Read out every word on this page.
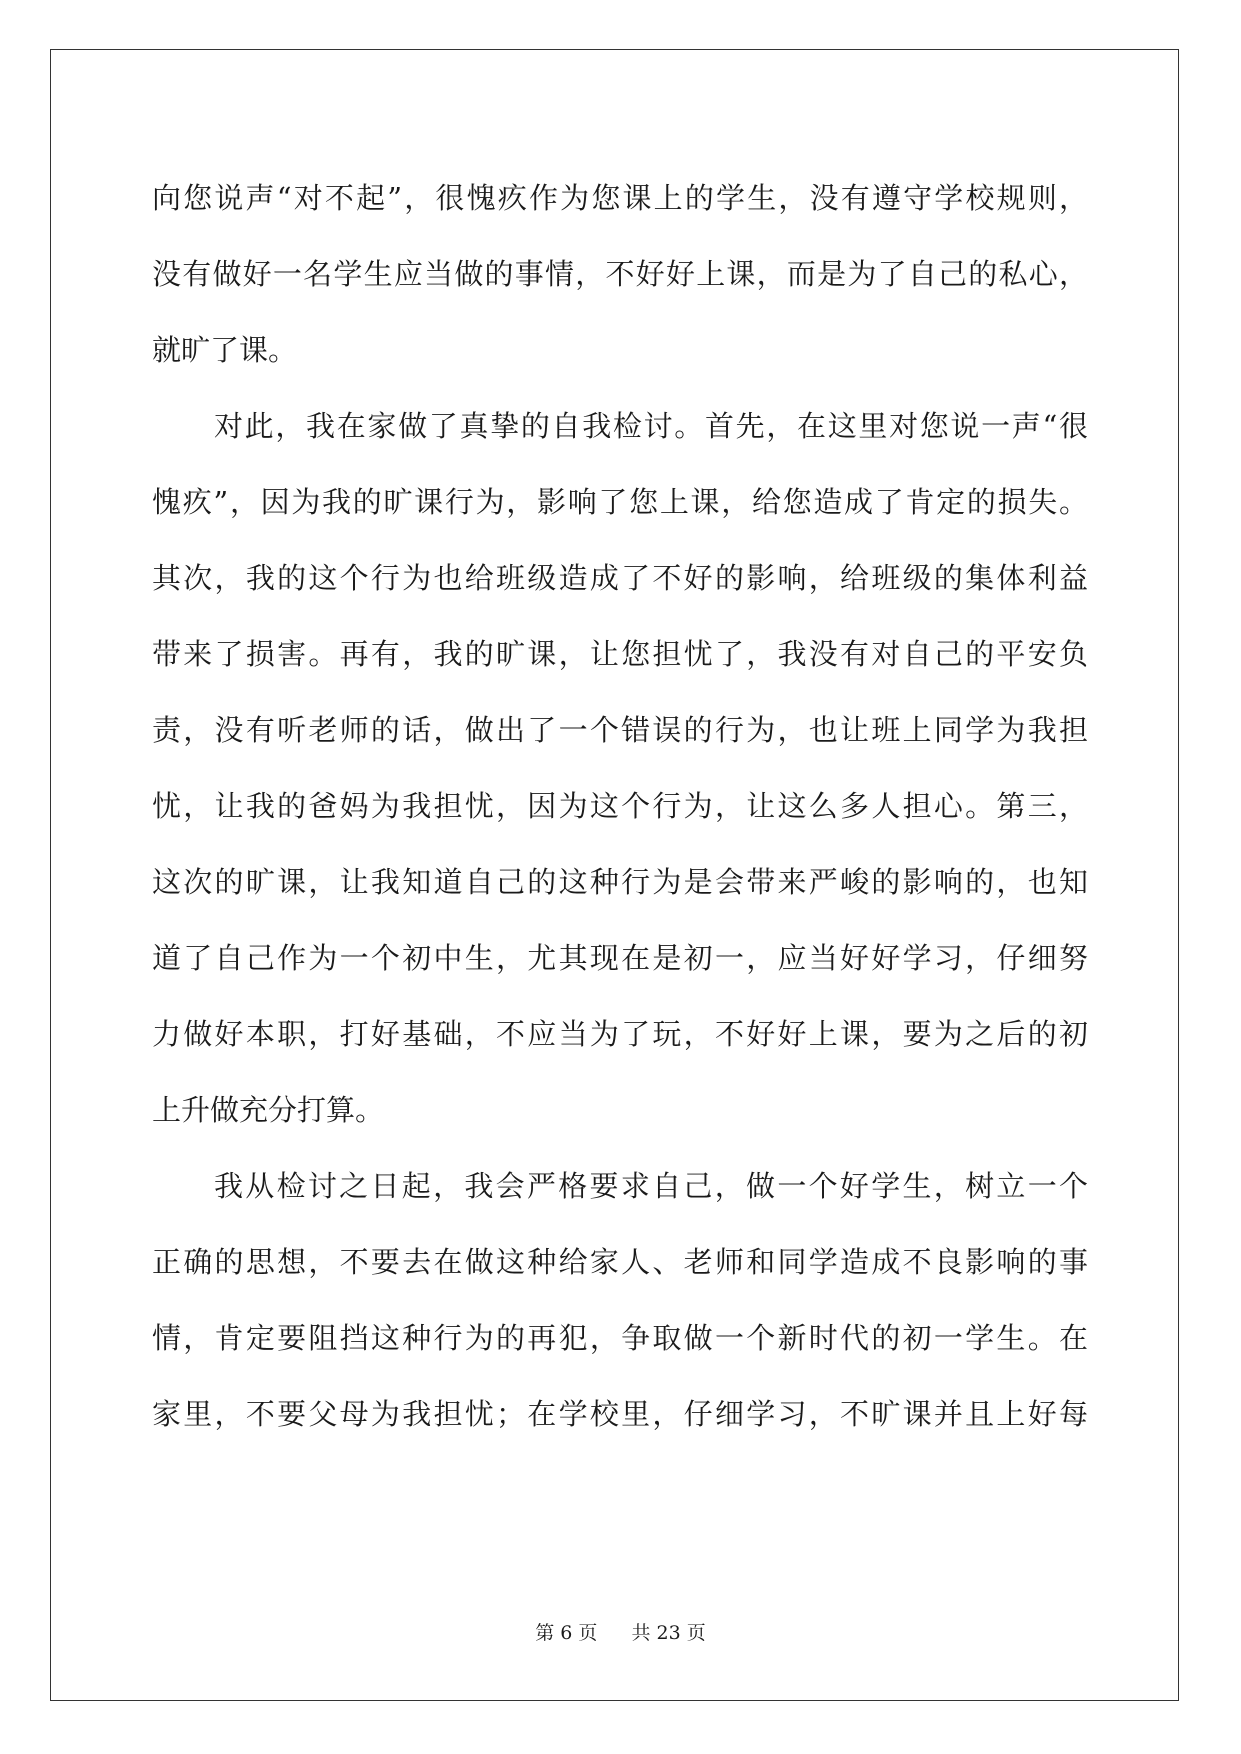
向您说声“对不起”，很愧疚作为您课上的学生，没有遵守学校规则，
没有做好一名学生应当做的事情，不好好上课，而是为了自己的私心，
就旷了课。
对此，我在家做了真挚的自我检讨。首先，在这里对您说一声“很
愧疚”，因为我的旷课行为，影响了您上课，给您造成了肯定的损失。
其次，我的这个行为也给班级造成了不好的影响，给班级的集体利益
带来了损害。再有，我的旷课，让您担忧了，我没有对自己的平安负
责，没有听老师的话，做出了一个错误的行为，也让班上同学为我担
忧，让我的爸妈为我担忧，因为这个行为，让这么多人担心。第三，
这次的旷课，让我知道自己的这种行为是会带来严峻的影响的，也知
道了自己作为一个初中生，尤其现在是初一，应当好好学习，仔细努
力做好本职，打好基础，不应当为了玩，不好好上课，要为之后的初
上升做充分打算。
我从检讨之日起，我会严格要求自己，做一个好学生，树立一个
正确的思想，不要去在做这种给家人、老师和同学造成不良影响的事
情，肯定要阻挡这种行为的再犯，争取做一个新时代的初一学生。在
家里，不要父母为我担忧；在学校里，仔细学习，不旷课并且上好每
第 6 页 共 23 页
